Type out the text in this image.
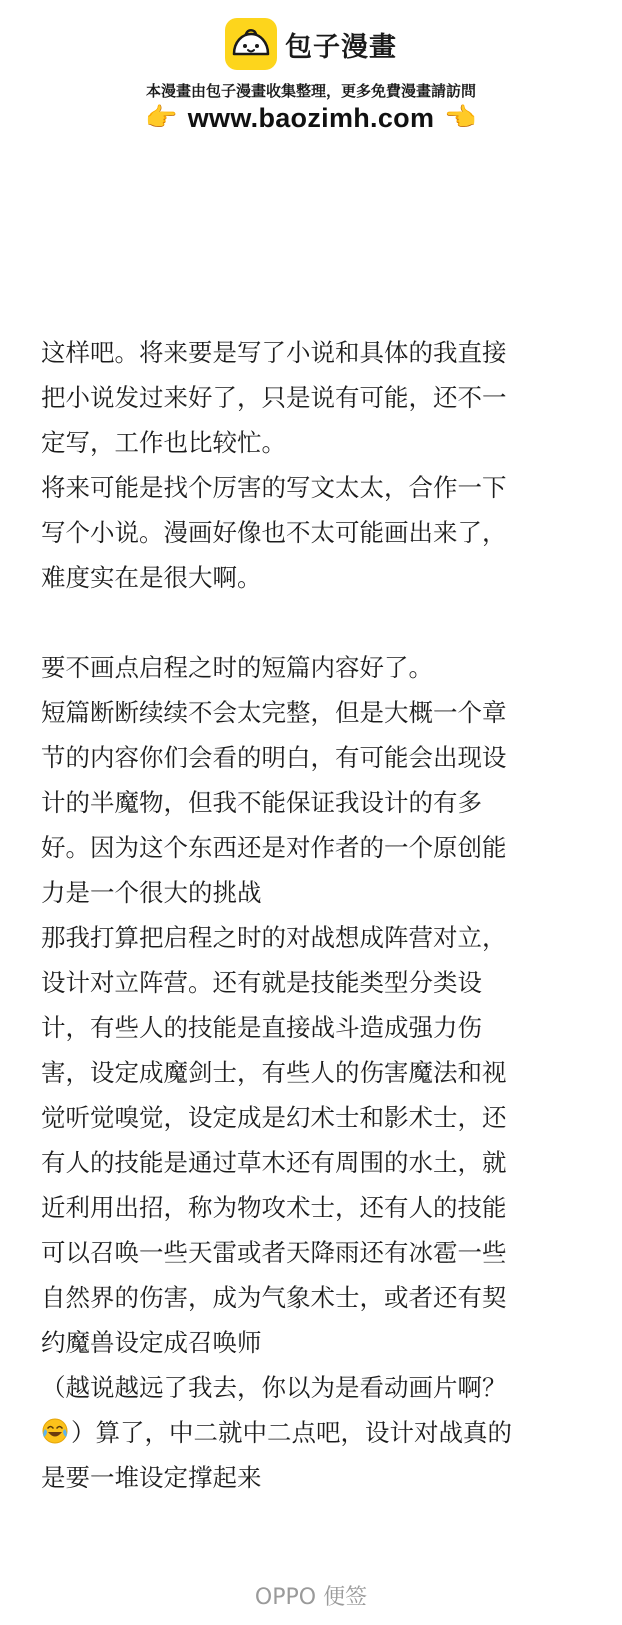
包子漫畫
本漫畫由包子漫畫收集整理，更多免費漫畫請訪問
👉 www.baozimh.com 👈
这样吧。将来要是写了小说和具体的我直接
把小说发过来好了，只是说有可能，还不一
定写，工作也比较忙。
将来可能是找个厉害的写文太太，合作一下
写个小说。漫画好像也不太可能画出来了，
难度实在是很大啊。
要不画点启程之时的短篇内容好了。
短篇断断续续不会太完整，但是大概一个章
节的内容你们会看的明白，有可能会出现设
计的半魔物，但我不能保证我设计的有多
好。因为这个东西还是对作者的一个原创能
力是一个很大的挑战
那我打算把启程之时的对战想成阵营对立，
设计对立阵营。还有就是技能类型分类设
计，有些人的技能是直接战斗造成强力伤
害，设定成魔剑士，有些人的伤害魔法和视
觉听觉嗅觉，设定成是幻术士和影术士，还
有人的技能是通过草木还有周围的水土，就
近利用出招，称为物攻术士，还有人的技能
可以召唤一些天雷或者天降雨还有冰雹一些
自然界的伤害，成为气象术士，或者还有契
约魔兽设定成召唤师
（越说越远了我去，你以为是看动画片啊？
）算了，中二就中二点吧，设计对战真的
是要一堆设定撑起来
OPPO 便签
